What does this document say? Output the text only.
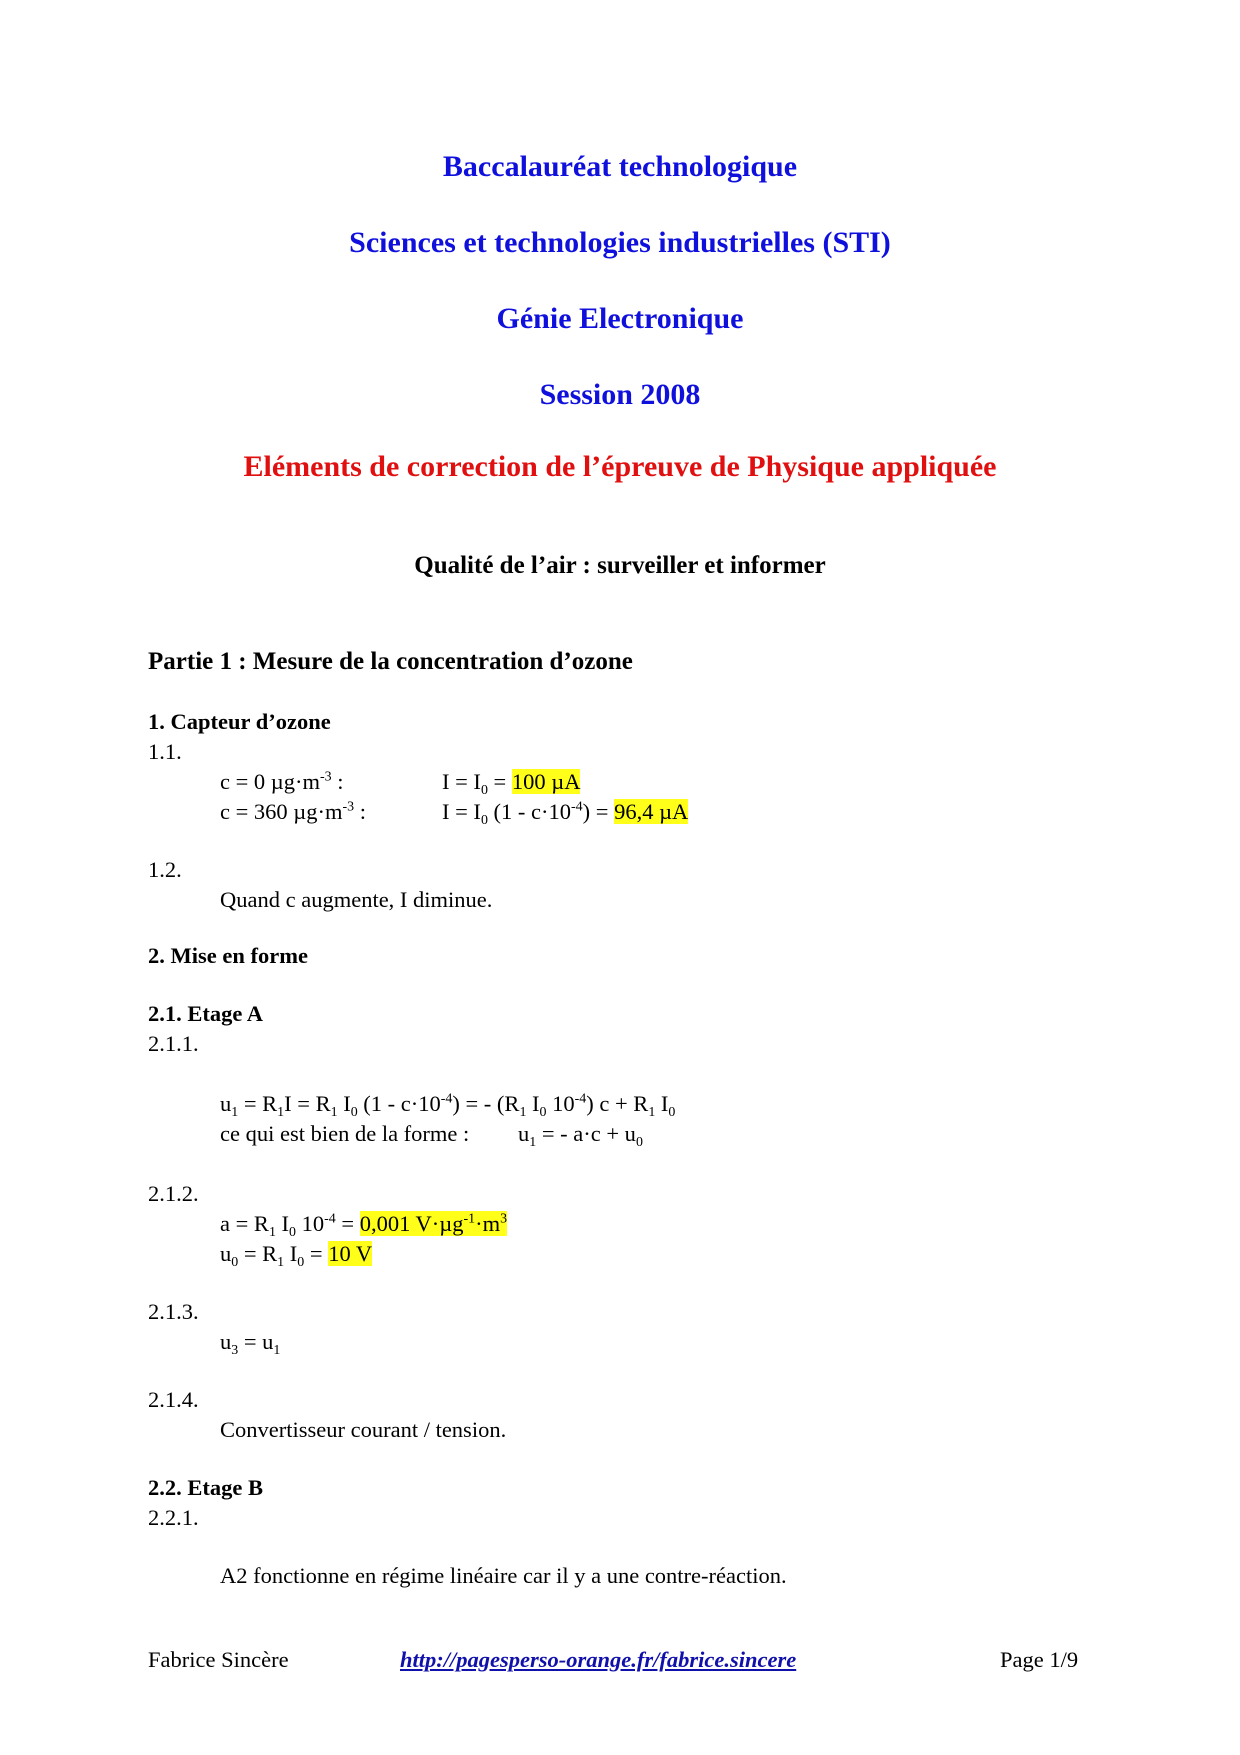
Baccalauréat technologique
Sciences et technologies industrielles (STI)
Génie Electronique
Session 2008
Eléments de correction de l’épreuve de Physique appliquée
Qualité de l’air : surveiller et informer
Partie 1 : Mesure de la concentration d’ozone
1. Capteur d’ozone
1.1.
c = 0 $\mu g\cdot m^{-3}$ :	$I = I_0 = 100$ µA
c = 360 $\mu g\cdot m^{-3}$ :	$I = I_0$ $(1 - c\cdot 10^{-4}) = 96,4$ µA
1.2.
Quand c augmente, I diminue.
2. Mise en forme
2.1. Etage A
2.1.1.
$u_1 = R_1I = R_1$ $I_0$ $(1 - c\cdot 10^{-4})$ = - ($R_1$ $I_0$ $10^{-4}$) $c + R_1$ $I_0$
ce qui est bien de la forme : $u_1$ = - $a\cdot c + u_0$
2.1.2.
$a = R_1$ $I_0$ $10^{-4} = 0,001$ $V\cdot\mu g^{-1}\cdot m^3$
$u_0 = R_1$ $I_0 = 10$ V
2.1.3.
$u_3 = u_1$
2.1.4.
Convertisseur courant / tension.
2.2. Etage B
2.2.1.
A2 fonctionne en régime linéaire car il y a une contre-réaction.
Fabrice Sincère	http://pagesperso-orange.fr/fabrice.sincere	Page 1/9
